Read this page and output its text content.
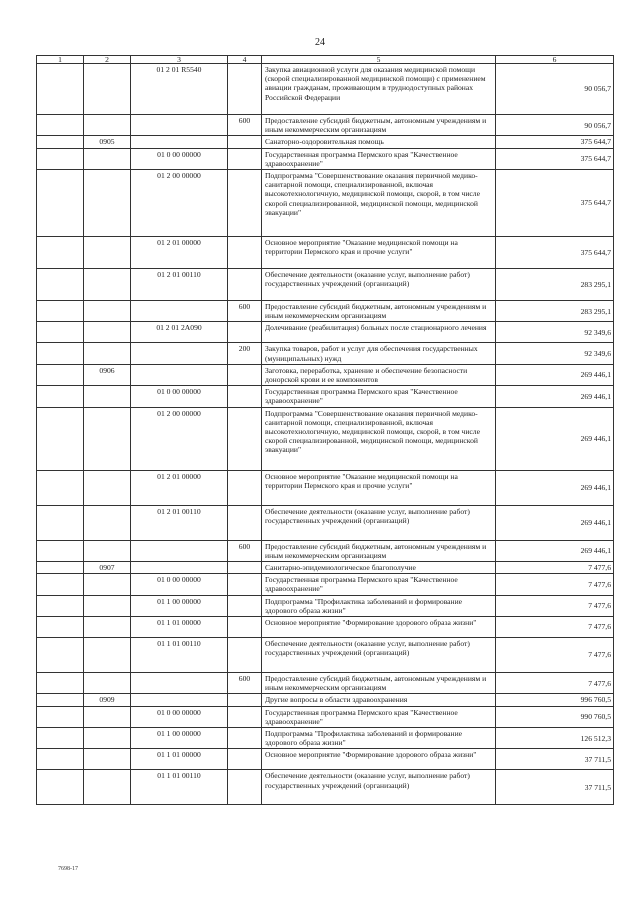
24
1	2	3	4	5	6
		01 2 01 R5540		Закупка авиационной услуги для оказания медицинской помощи (скорой специализированной медицинской помощи) с применением авиации гражданам, проживающим в труднодоступных районах Российской Федерации	90 056,7
			600	Предоставление субсидий бюджетным, автономным учреждениям и иным некоммерческим организациям	90 056,7
	0905			Санаторно-оздоровительная помощь	375 644,7
		01 0 00 00000		Государственная программа Пермского края "Качественное здравоохранение"	375 644,7
		01 2 00 00000		Подпрограмма "Совершенствование оказания первичной медико-санитарной помощи, специализированной, включая высокотехнологичную, медицинской помощи, скорой, в том числе скорой специализированной, медицинской помощи, медицинской эвакуации"	375 644,7
		01 2 01 00000		Основное мероприятие "Оказание медицинской помощи на территории Пермского края и прочие услуги"	375 644,7
		01 2 01 00110		Обеспечение деятельности (оказание услуг, выполнение работ) государственных учреждений (организаций)	283 295,1
			600	Предоставление субсидий бюджетным, автономным учреждениям и иным некоммерческим организациям	283 295,1
		01 2 01 2А090		Долечивание (реабилитация) больных после стационарного лечения	92 349,6
			200	Закупка товаров, работ и услуг для обеспечения государственных (муниципальных) нужд	92 349,6
	0906			Заготовка, переработка, хранение и обеспечение безопасности донорской крови и ее компонентов	269 446,1
		01 0 00 00000		Государственная программа Пермского края "Качественное здравоохранение"	269 446,1
		01 2 00 00000		Подпрограмма "Совершенствование оказания первичной медико-санитарной помощи, специализированной, включая высокотехнологичную, медицинской помощи, скорой, в том числе скорой специализированной, медицинской помощи, медицинской эвакуации"	269 446,1
		01 2 01 00000		Основное мероприятие "Оказание медицинской помощи на территории Пермского края и прочие услуги"	269 446,1
		01 2 01 00110		Обеспечение деятельности (оказание услуг, выполнение работ) государственных учреждений (организаций)	269 446,1
			600	Предоставление субсидий бюджетным, автономным учреждениям и иным некоммерческим организациям	269 446,1
	0907			Санитарно-эпидемиологическое благополучие	7 477,6
		01 0 00 00000		Государственная программа Пермского края "Качественное здравоохранение"	7 477,6
		01 1 00 00000		Подпрограмма "Профилактика заболеваний и формирование здорового образа жизни"	7 477,6
		01 1 01 00000		Основное мероприятие "Формирование здорового образа жизни"	7 477,6
		01 1 01 00110		Обеспечение деятельности (оказание услуг, выполнение работ) государственных учреждений (организаций)	7 477,6
			600	Предоставление субсидий бюджетным, автономным учреждениям и иным некоммерческим организациям	7 477,6
	0909			Другие вопросы в области здравоохранения	996 760,5
		01 0 00 00000		Государственная программа Пермского края "Качественное здравоохранение"	990 760,5
		01 1 00 00000		Подпрограмма "Профилактика заболеваний и формирование здорового образа жизни"	126 512,3
		01 1 01 00000		Основное мероприятие "Формирование здорового образа жизни"	37 711,5
		01 1 01 00110		Обеспечение деятельности (оказание услуг, выполнение работ) государственных учреждений (организаций)	37 711,5
7698-17
